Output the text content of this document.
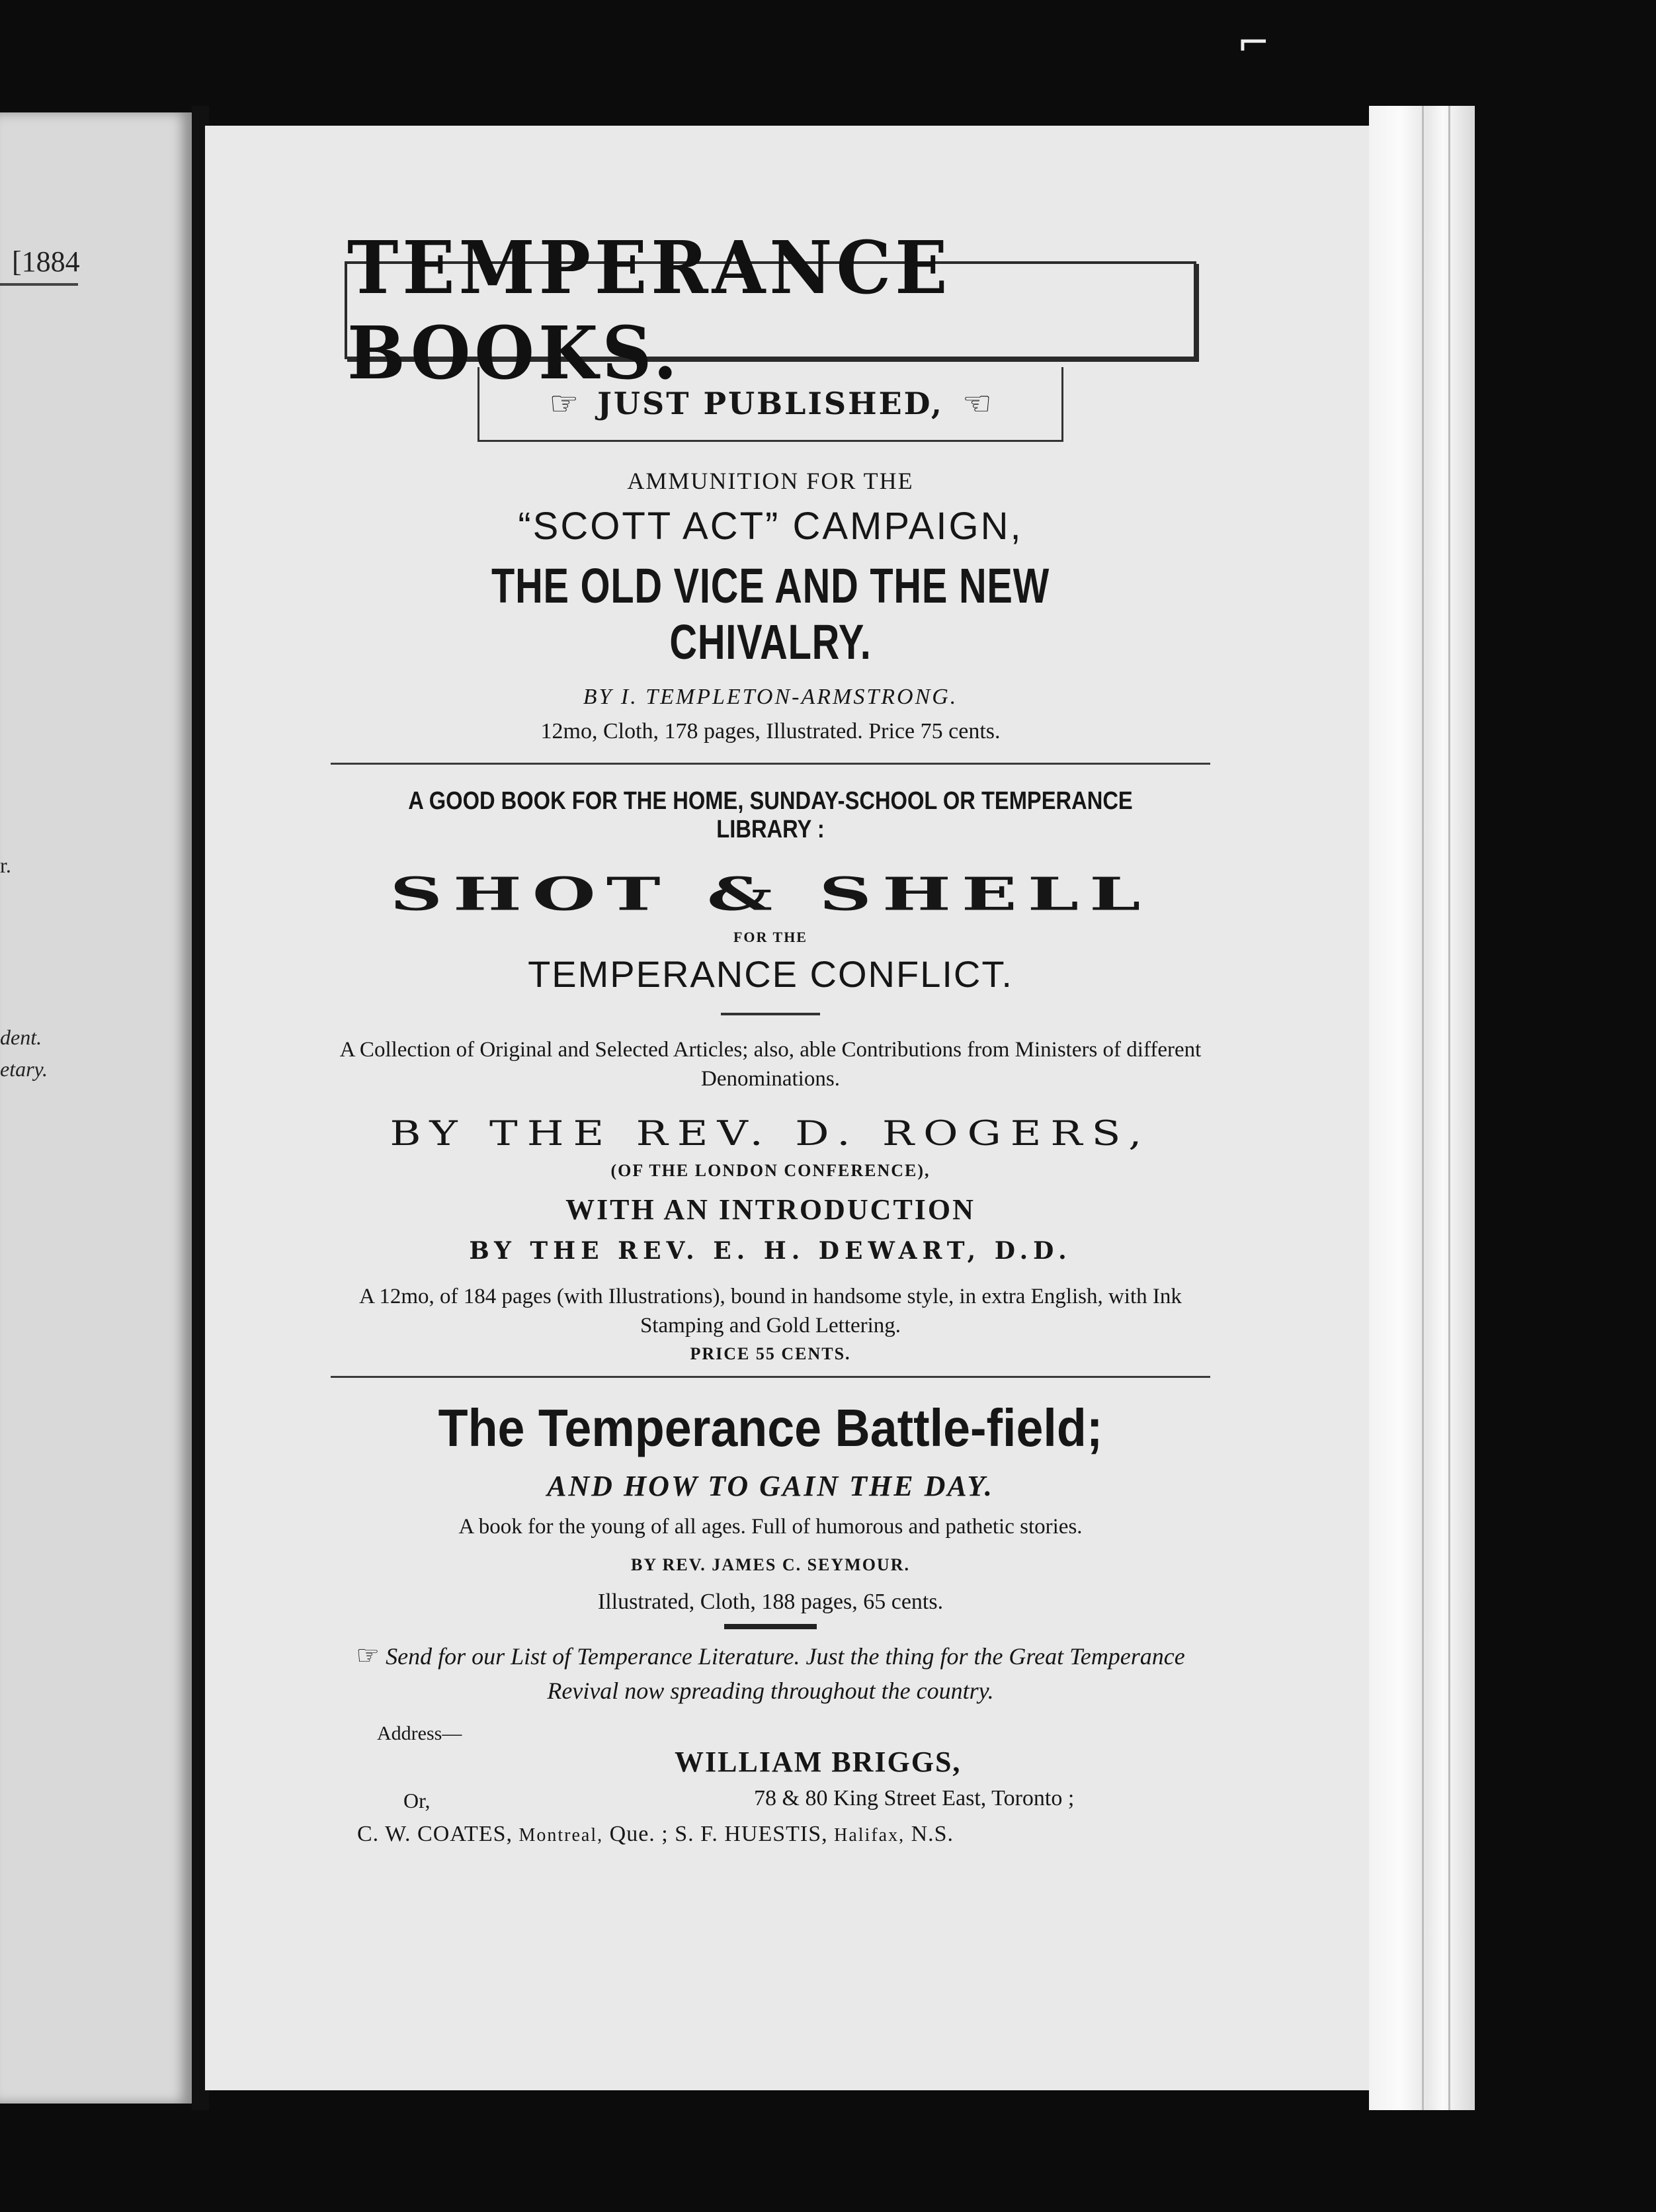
[1884
r.
dent.
etary.
⌐
TEMPERANCE BOOKS.
☞ JUST PUBLISHED, ☜
AMMUNITION FOR THE
“SCOTT ACT” CAMPAIGN,
THE OLD VICE AND THE NEW CHIVALRY.
BY I. TEMPLETON-ARMSTRONG.
12mo, Cloth, 178 pages, Illustrated. Price 75 cents.
A GOOD BOOK FOR THE HOME, SUNDAY-SCHOOL OR TEMPERANCE LIBRARY :
SHOT & SHELL
FOR THE
TEMPERANCE CONFLICT.
A Collection of Original and Selected Articles; also, able Contributions from Ministers of different Denominations.
BY THE REV. D. ROGERS,
(OF THE LONDON CONFERENCE),
WITH AN INTRODUCTION
BY THE REV. E. H. DEWART, D.D.
A 12mo, of 184 pages (with Illustrations), bound in handsome style, in extra English, with Ink Stamping and Gold Lettering.
PRICE 55 CENTS.
The Temperance Battle-field;
AND HOW TO GAIN THE DAY.
A book for the young of all ages. Full of humorous and pathetic stories.
BY REV. JAMES C. SEYMOUR.
Illustrated, Cloth, 188 pages, 65 cents.
☞ Send for our List of Temperance Literature. Just the thing for the Great Temperance Revival now spreading throughout the country.
Address—
WILLIAM BRIGGS,
Or,	78 & 80 King Street East, Toronto ;
C. W. COATES, Montreal, Que. ; S. F. HUESTIS, Halifax, N.S.
